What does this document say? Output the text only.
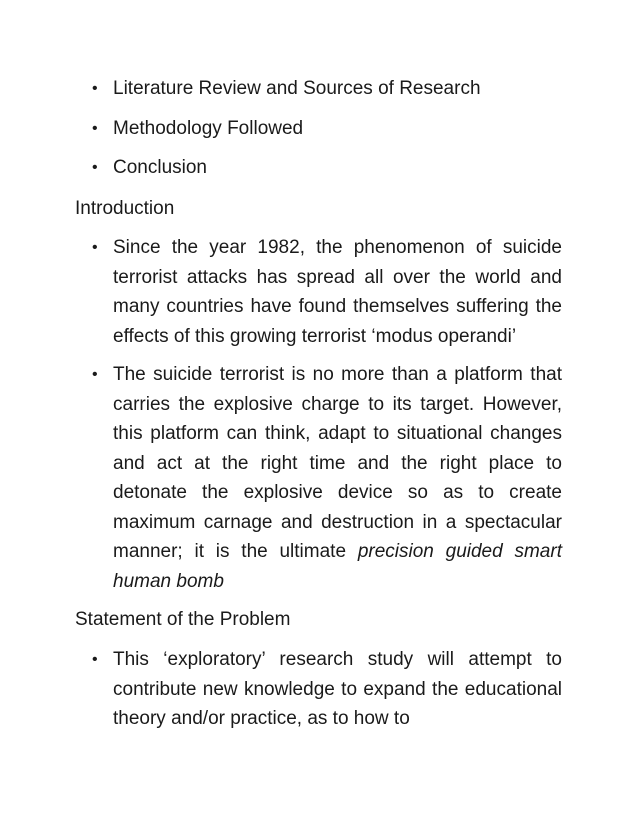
• Literature Review and Sources of Research
• Methodology Followed
• Conclusion
Introduction
• Since the year 1982, the phenomenon of suicide terrorist attacks has spread all over the world and many countries have found themselves suffering the effects of this growing terrorist ‘modus operandi’
• The suicide terrorist is no more than a platform that carries the explosive charge to its target. However, this platform can think, adapt to situational changes and act at the right time and the right place to detonate the explosive device so as to create maximum carnage and destruction in a spectacular manner; it is the ultimate precision guided smart human bomb
Statement of the Problem
• This ‘exploratory’ research study will attempt to contribute new knowledge to expand the educational theory and/or practice, as to how to
